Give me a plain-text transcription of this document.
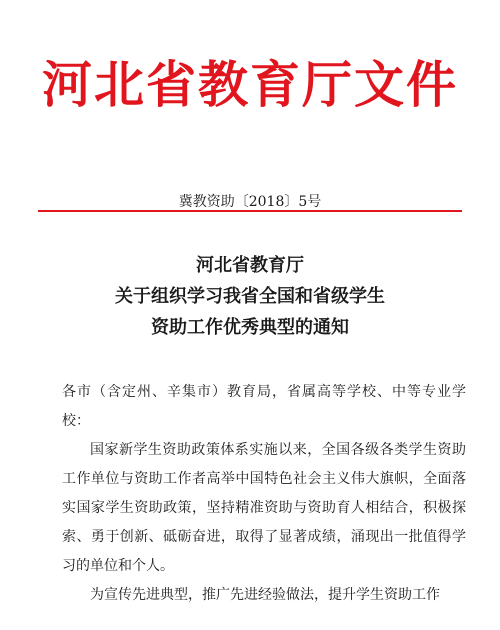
河北省教育厅文件
冀教资助〔2018〕5号
河北省教育厅
关于组织学习我省全国和省级学生
资助工作优秀典型的通知

各市（含定州、辛集市）教育局，省属高等学校、中等专业学校：

国家新学生资助政策体系实施以来，全国各级各类学生资助工作单位与资助工作者高举中国特色社会主义伟大旗帜，全面落实国家学生资助政策，坚持精准资助与资助育人相结合，积极探索、勇于创新、砥砺奋进，取得了显著成绩，涌现出一批值得学习的单位和个人。

为宣传先进典型，推广先进经验做法，提升学生资助工作
